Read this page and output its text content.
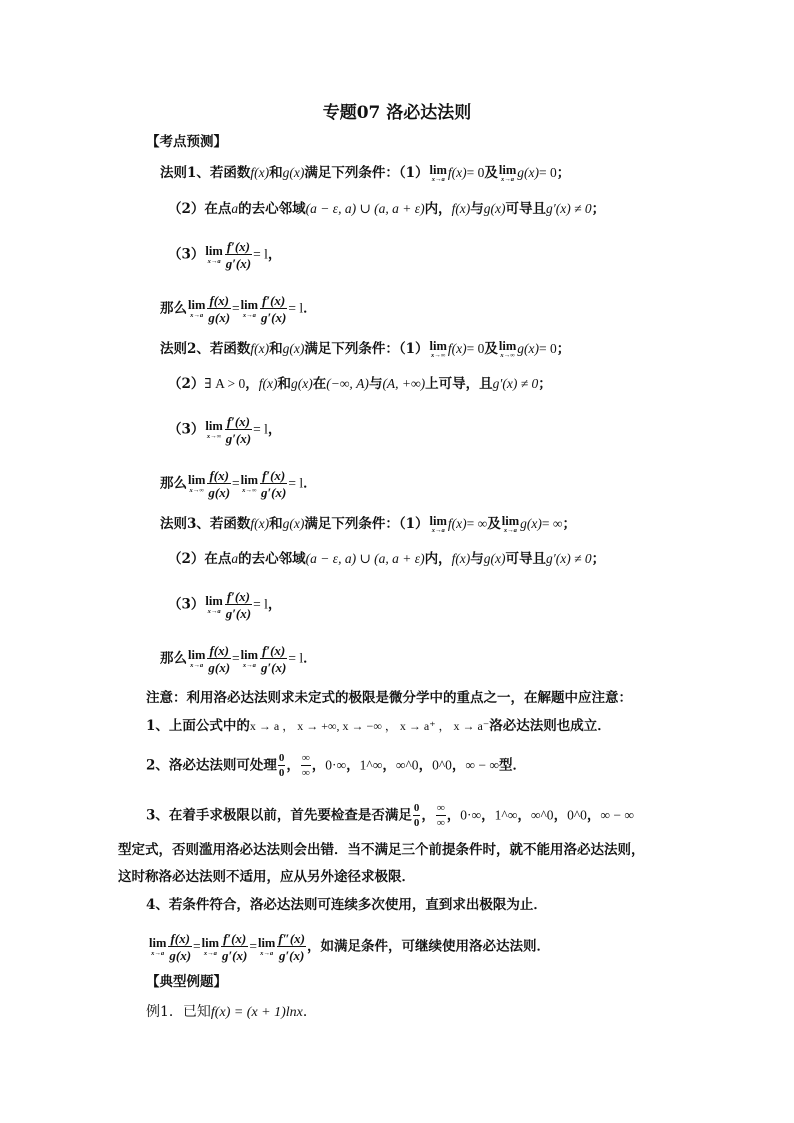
专题07 洛必达法则
【考点预测】
法则1、若函数f(x)和g(x)满足下列条件：（1） lim
x→a f(x)= 0及 lim
x→a g(x)= 0；
（2）在点a的去心邻域(a − ε, a) ∪ (a, a + ε)内，f(x)与g(x)可导且g′(x) ≠ 0；
（3） lim
$x\to a \frac{f'(x)}{g'(x)} = l$，
那么 lim
$x\to a \frac{f(x)}{g(x)} = \lim$
$x\to a \frac{f'(x)}{g'(x)} = l$．
法则2、若函数f(x)和g(x)满足下列条件：（1） lim
x→∞ f(x)= 0及 lim
x→∞ g(x)= 0；
（2）∃ A > 0，f(x)和g(x)在(−∞, A)与(A, +∞)上可导，且g′(x) ≠ 0；
（3） lim
$x\to\infty \frac{f'(x)}{g'(x)} = l$，
那么 lim
$x\to\infty \frac{f(x)}{g(x)} = \lim$
$x\to\infty \frac{f'(x)}{g'(x)} = l$．
法则3、若函数f(x)和g(x)满足下列条件：（1） lim
x→a f(x)= ∞及 lim
x→a g(x)= ∞；
（2）在点a的去心邻域(a − ε, a) ∪ (a, a + ε)内，f(x)与g(x)可导且g′(x) ≠ 0；
（3） lim
$x\to a \frac{f'(x)}{g'(x)} = l$，
那么 lim
$x\to a \frac{f(x)}{g(x)} = \lim$
$x\to a \frac{f'(x)}{g'(x)} = l$．
注意：利用洛必达法则求未定式的极限是微分学中的重点之一，在解题中应注意：
1、上面公式中的x → a ， x → +∞, x → −∞ ， x → a⁺ ， x → a⁻洛必达法则也成立．
2、洛必达法则可处理 $\frac{0}{0}$ ， ∞
∞ ，0·∞，1^∞，∞^0，0^0，∞ − ∞型．
3、在着手求极限以前，首先要检查是否满足 $\frac{0}{0}$ ， ∞
∞ ，0·∞，1^∞，∞^0，0^0，∞ − ∞
型定式，否则滥用洛必达法则会出错．当不满足三个前提条件时，就不能用洛必达法则，
这时称洛必达法则不适用，应从另外途径求极限．
4、若条件符合，洛必达法则可连续多次使用，直到求出极限为止．
lim
$x\to a \frac{f(x)}{g(x)} = \lim$
$x\to a \frac{f'(x)}{g'(x)} = \lim$
$x\to a \frac{f''(x)}{g'(x)}$ ，如满足条件，可继续使用洛必达法则．
【典型例题】
例1．已知f(x) = (x + 1)lnx．
